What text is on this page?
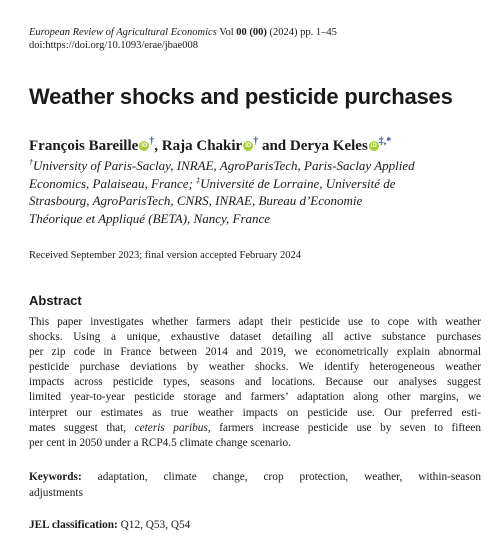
European Review of Agricultural Economics Vol 00 (00) (2024) pp. 1–45
doi:https://doi.org/10.1093/erae/jbae008
Weather shocks and pesticide purchases
François Bareille iD †, Raja Chakir iD † and Derya Keles iD ‡,*
†University of Paris-Saclay, INRAE, AgroParisTech, Paris-Saclay Applied
Economics, Palaiseau, France; ‡Université de Lorraine, Université de
Strasbourg, AgroParisTech, CNRS, INRAE, Bureau d’Economie
Théorique et Appliqué (BETA), Nancy, France
Received September 2023; final version accepted February 2024
Abstract
This paper investigates whether farmers adapt their pesticide use to cope with weather
shocks. Using a unique, exhaustive dataset detailing all active substance purchases
per zip code in France between 2014 and 2019, we econometrically explain abnormal
pesticide purchase deviations by weather shocks. We identify heterogeneous weather
impacts across pesticide types, seasons and locations. Because our analyses suggest
limited year-to-year pesticide storage and farmers’ adaptation along other margins, we
interpret our estimates as true weather impacts on pesticide use. Our preferred esti-
mates suggest that, ceteris paribus, farmers increase pesticide use by seven to fifteen
per cent in 2050 under a RCP4.5 climate change scenario.
Keywords: adaptation, climate change, crop protection, weather, within-season
adjustments
JEL classification: Q12, Q53, Q54
